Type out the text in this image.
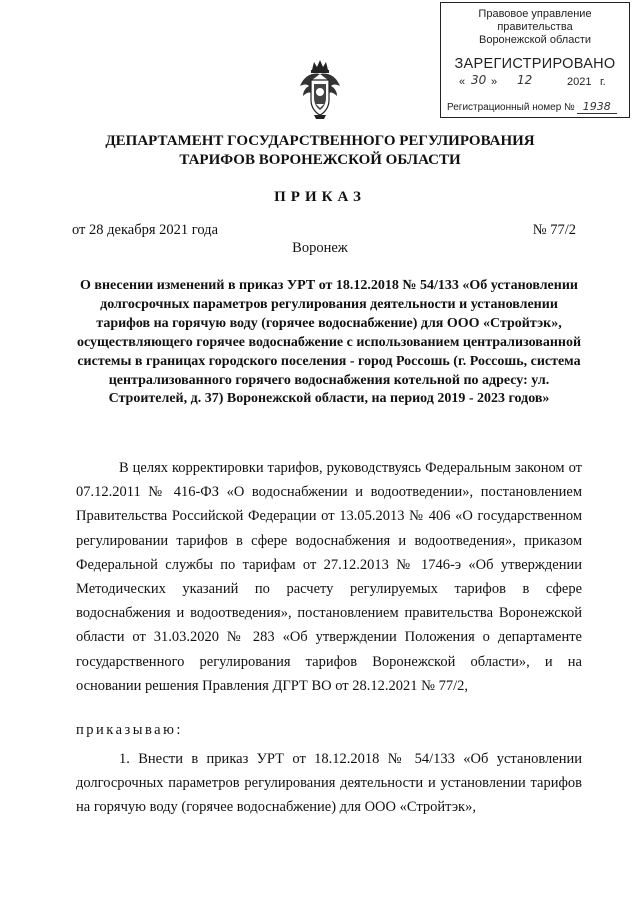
Правовое управление правительства
Воронежской области
ЗАРЕГИСТРИРОВАНО
« 30 » 12	2021 г.
Регистрационный номер № 1938
ДЕПАРТАМЕНТ ГОСУДАРСТВЕННОГО РЕГУЛИРОВАНИЯ ТАРИФОВ ВОРОНЕЖСКОЙ ОБЛАСТИ
ПРИКАЗ
от 28 декабря 2021 года	№ 77/2
Воронеж
О внесении изменений в приказ УРТ от 18.12.2018 № 54/133 «Об установлении долгосрочных параметров регулирования деятельности и установлении тарифов на горячую воду (горячее водоснабжение) для ООО «Стройтэк», осуществляющего горячее водоснабжение с использованием централизованной системы в границах городского поселения - город Россошь (г. Россошь, система централизованного горячего водоснабжения котельной по адресу: ул. Строителей, д. 37) Воронежской области, на период 2019 - 2023 годов»
В целях корректировки тарифов, руководствуясь Федеральным законом от 07.12.2011 № 416-ФЗ «О водоснабжении и водоотведении», постановлением Правительства Российской Федерации от 13.05.2013 № 406 «О государственном регулировании тарифов в сфере водоснабжения и водоотведения», приказом Федеральной службы по тарифам от 27.12.2013 № 1746-э «Об утверждении Методических указаний по расчету регулируемых тарифов в сфере водоснабжения и водоотведения», постановлением правительства Воронежской области от 31.03.2020 № 283 «Об утверждении Положения о департаменте государственного регулирования тарифов Воронежской области», и на основании решения Правления ДГРТ ВО от 28.12.2021 № 77/2,
приказываю:
1. Внести в приказ УРТ от 18.12.2018 № 54/133 «Об установлении долгосрочных параметров регулирования деятельности и установлении тарифов на горячую воду (горячее водоснабжение) для ООО «Стройтэк»,
